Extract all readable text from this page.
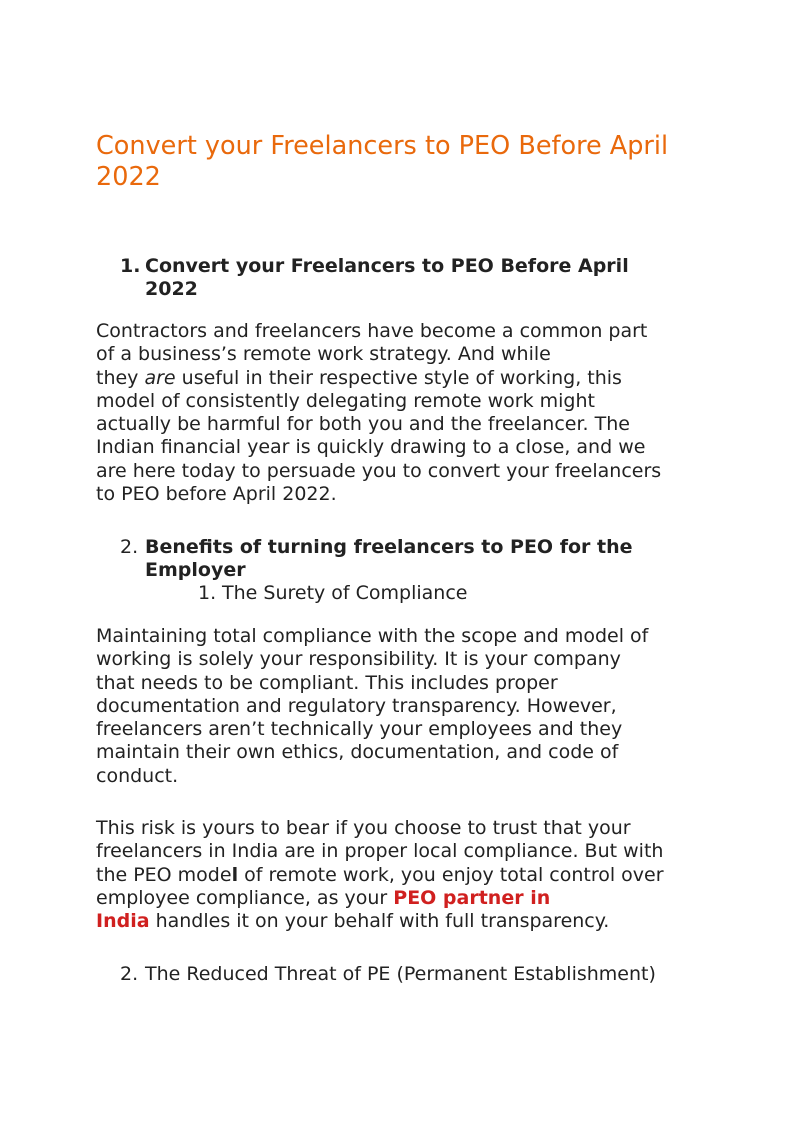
Convert your Freelancers to PEO Before April 2022
1. Convert your Freelancers to PEO Before April
2022
Contractors and freelancers have become a common part
of a business’s remote work strategy. And while
they are useful in their respective style of working, this
model of consistently delegating remote work might
actually be harmful for both you and the freelancer. The
Indian financial year is quickly drawing to a close, and we
are here today to persuade you to convert your freelancers
to PEO before April 2022.
2. Benefits of turning freelancers to PEO for the
Employer
1. The Surety of Compliance
Maintaining total compliance with the scope and model of
working is solely your responsibility. It is your company
that needs to be compliant. This includes proper
documentation and regulatory transparency. However,
freelancers aren’t technically your employees and they
maintain their own ethics, documentation, and code of
conduct.
This risk is yours to bear if you choose to trust that your
freelancers in India are in proper local compliance. But with
the PEO model of remote work, you enjoy total control over
employee compliance, as your PEO partner in
India handles it on your behalf with full transparency.
2. The Reduced Threat of PE (Permanent Establishment)
